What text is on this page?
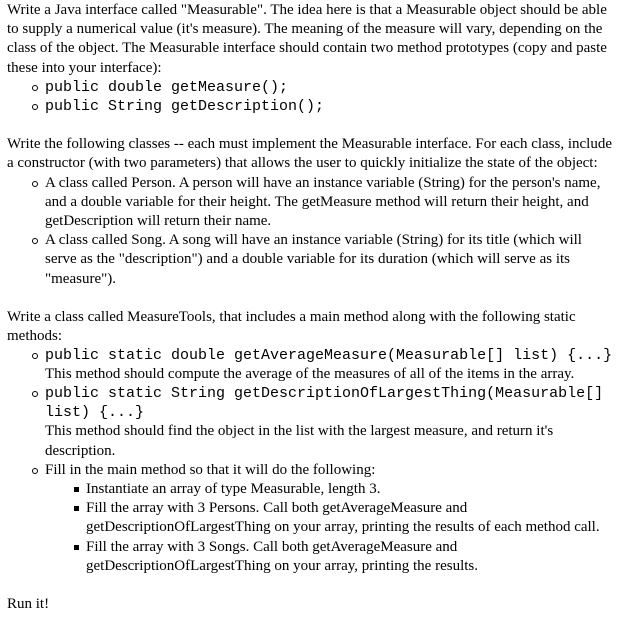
Write a Java interface called "Measurable". The idea here is that a Measurable object should be able to supply a numerical value (it's measure). The meaning of the measure will vary, depending on the class of the object. The Measurable interface should contain two method prototypes (copy and paste these into your interface):

public double getMeasure();
public String getDescription();

Write the following classes -- each must implement the Measurable interface. For each class, include a constructor (with two parameters) that allows the user to quickly initialize the state of the object:

A class called Person. A person will have an instance variable (String) for the person's name, and a double variable for their height. The getMeasure method will return their height, and getDescription will return their name.
A class called Song. A song will have an instance variable (String) for its title (which will serve as the "description") and a double variable for its duration (which will serve as its "measure").

Write a class called MeasureTools, that includes a main method along with the following static methods:

public static double getAverageMeasure(Measurable[] list) {...}
This method should compute the average of the measures of all of the items in the array.
public static String getDescriptionOfLargestThing(Measurable[] list) {...}
This method should find the object in the list with the largest measure, and return it's description.
Fill in the main method so that it will do the following:
Instantiate an array of type Measurable, length 3.
Fill the array with 3 Persons. Call both getAverageMeasure and getDescriptionOfLargestThing on your array, printing the results of each method call.
Fill the array with 3 Songs. Call both getAverageMeasure and getDescriptionOfLargestThing on your array, printing the results.

Run it!
